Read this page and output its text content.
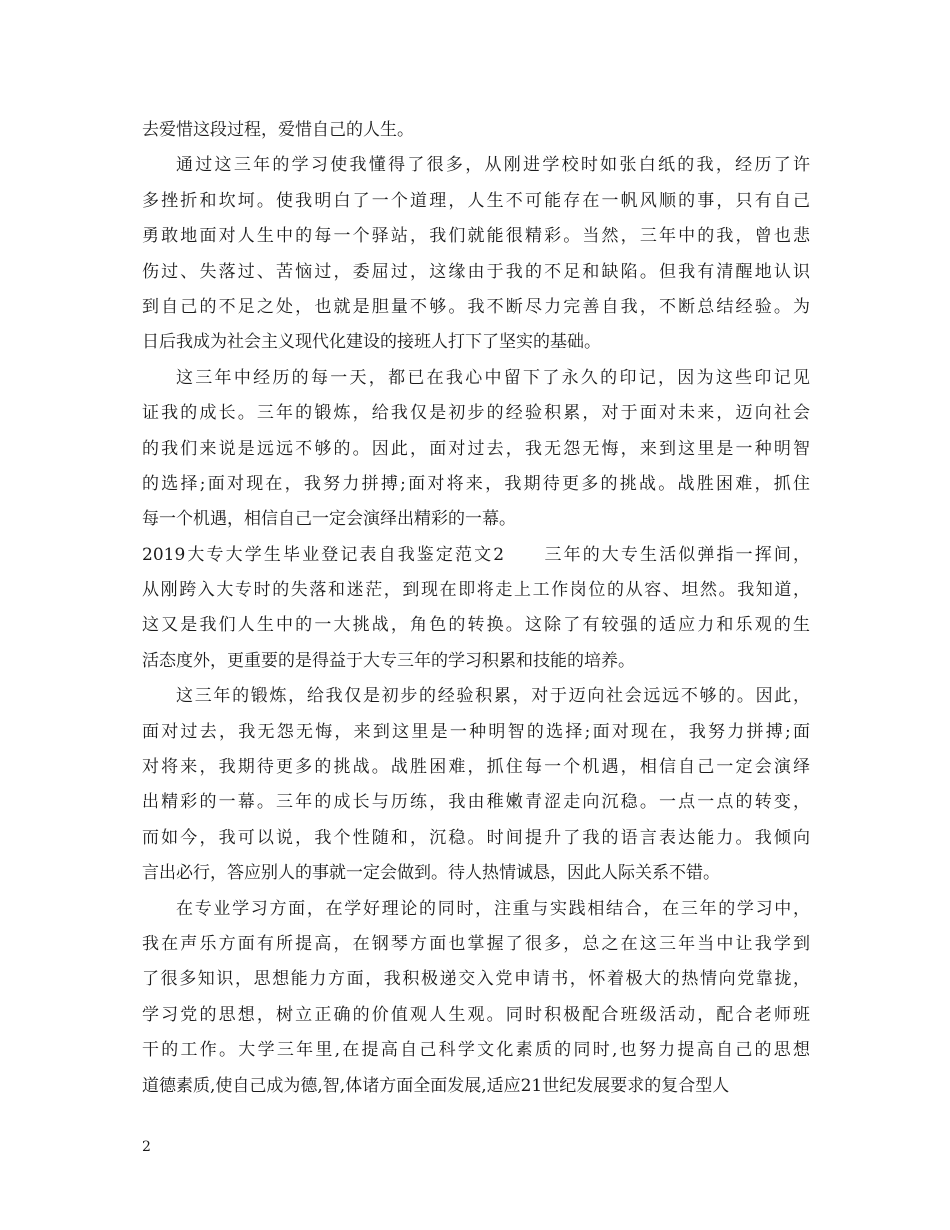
去爱惜这段过程，爱惜自己的人生。
通过这三年的学习使我懂得了很多，从刚进学校时如张白纸的我，经历了许
多挫折和坎坷。使我明白了一个道理，人生不可能存在一帆风顺的事，只有自己
勇敢地面对人生中的每一个驿站，我们就能很精彩。当然，三年中的我，曾也悲
伤过、失落过、苦恼过，委屈过，这缘由于我的不足和缺陷。但我有清醒地认识
到自己的不足之处，也就是胆量不够。我不断尽力完善自我，不断总结经验。为
日后我成为社会主义现代化建设的接班人打下了坚实的基础。
这三年中经历的每一天，都已在我心中留下了永久的印记，因为这些印记见
证我的成长。三年的锻炼，给我仅是初步的经验积累，对于面对未来，迈向社会
的我们来说是远远不够的。因此，面对过去，我无怨无悔，来到这里是一种明智
的选择;面对现在，我努力拼搏;面对将来，我期待更多的挑战。战胜困难，抓住
每一个机遇，相信自己一定会演绎出精彩的一幕。
2019大专大学生毕业登记表自我鉴定范文2　　三年的大专生活似弹指一挥间，
从刚跨入大专时的失落和迷茫，到现在即将走上工作岗位的从容、坦然。我知道，
这又是我们人生中的一大挑战，角色的转换。这除了有较强的适应力和乐观的生
活态度外，更重要的是得益于大专三年的学习积累和技能的培养。
这三年的锻炼，给我仅是初步的经验积累，对于迈向社会远远不够的。因此，
面对过去，我无怨无悔，来到这里是一种明智的选择;面对现在，我努力拼搏;面
对将来，我期待更多的挑战。战胜困难，抓住每一个机遇，相信自己一定会演绎
出精彩的一幕。三年的成长与历练，我由稚嫩青涩走向沉稳。一点一点的转变，
而如今，我可以说，我个性随和，沉稳。时间提升了我的语言表达能力。我倾向
言出必行，答应别人的事就一定会做到。待人热情诚恳，因此人际关系不错。
在专业学习方面，在学好理论的同时，注重与实践相结合，在三年的学习中，
我在声乐方面有所提高，在钢琴方面也掌握了很多，总之在这三年当中让我学到
了很多知识，思想能力方面，我积极递交入党申请书，怀着极大的热情向党靠拢，
学习党的思想，树立正确的价值观人生观。同时积极配合班级活动，配合老师班
干的工作。大学三年里,在提高自己科学文化素质的同时,也努力提高自己的思想
道德素质,使自己成为德,智,体诸方面全面发展,适应21世纪发展要求的复合型人
2
